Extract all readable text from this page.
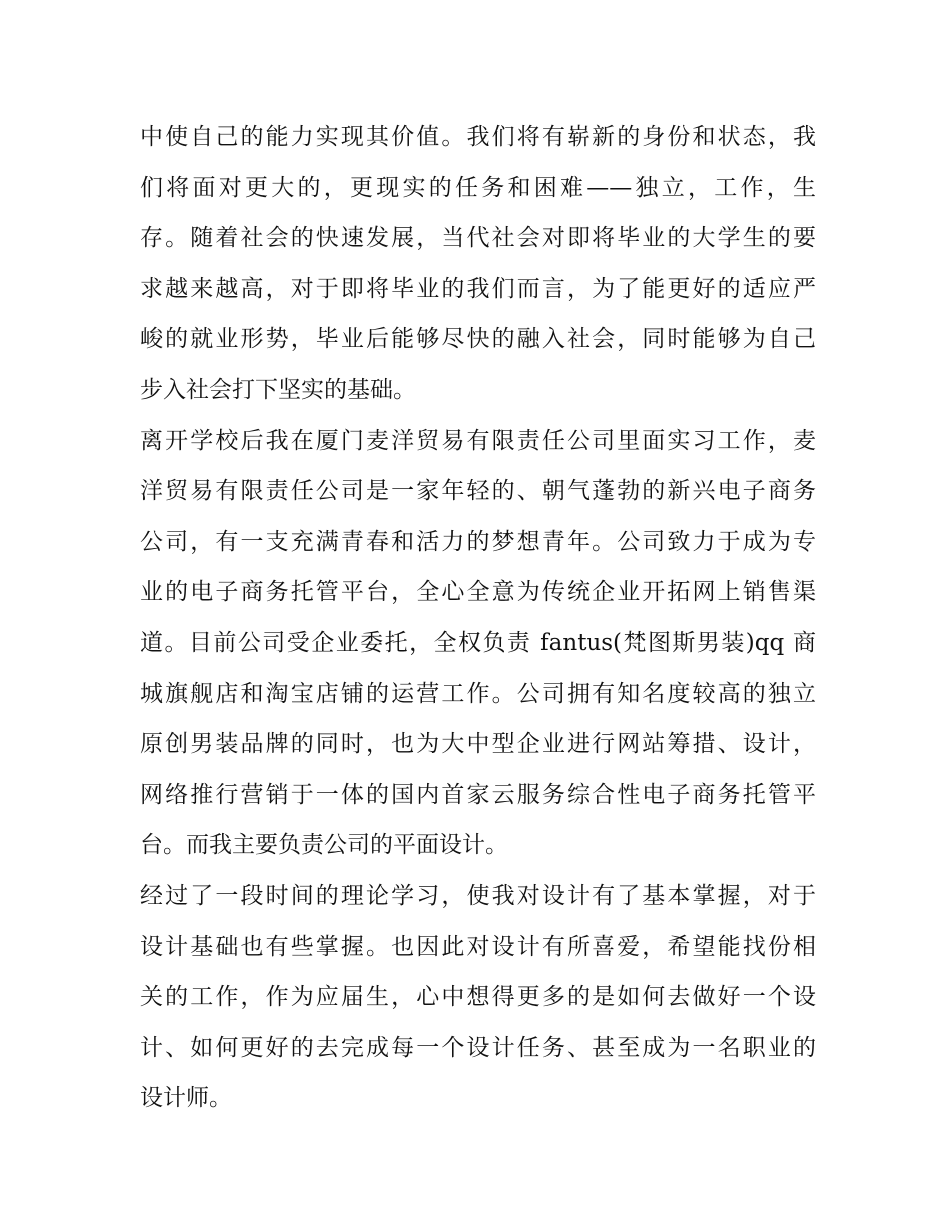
中使自己的能力实现其价值。我们将有崭新的身份和状态，我
们将面对更大的，更现实的任务和困难——独立，工作，生
存。随着社会的快速发展，当代社会对即将毕业的大学生的要
求越来越高，对于即将毕业的我们而言，为了能更好的适应严
峻的就业形势，毕业后能够尽快的融入社会，同时能够为自己
步入社会打下坚实的基础。
离开学校后我在厦门麦洋贸易有限责任公司里面实习工作，麦
洋贸易有限责任公司是一家年轻的、朝气蓬勃的新兴电子商务
公司，有一支充满青春和活力的梦想青年。公司致力于成为专
业的电子商务托管平台，全心全意为传统企业开拓网上销售渠
道。目前公司受企业委托，全权负责 fantus(梵图斯男装)qq 商
城旗舰店和淘宝店铺的运营工作。公司拥有知名度较高的独立
原创男装品牌的同时，也为大中型企业进行网站筹措、设计，
网络推行营销于一体的国内首家云服务综合性电子商务托管平
台。而我主要负责公司的平面设计。
经过了一段时间的理论学习，使我对设计有了基本掌握，对于
设计基础也有些掌握。也因此对设计有所喜爱，希望能找份相
关的工作，作为应届生，心中想得更多的是如何去做好一个设
计、如何更好的去完成每一个设计任务、甚至成为一名职业的
设计师。
